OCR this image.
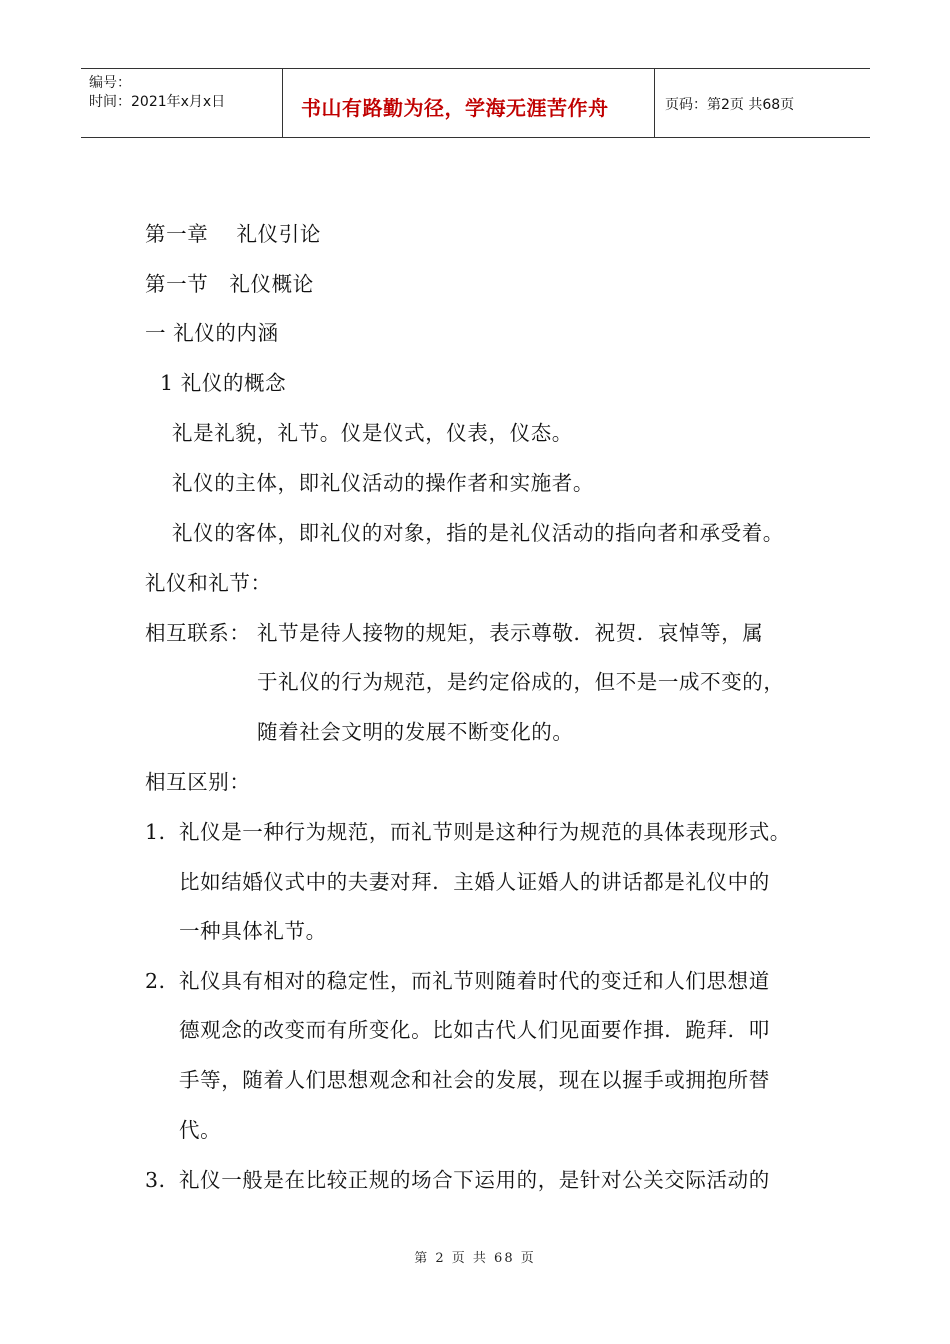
编号：
时间：2021年x月x日	书山有路勤为径，学海无涯苦作舟	页码：第2页 共68页
第一章　 礼仪引论
第一节　礼仪概论
一 礼仪的内涵
1 礼仪的概念
礼是礼貌，礼节。仪是仪式，仪表，仪态。
礼仪的主体，即礼仪活动的操作者和实施者。
礼仪的客体，即礼仪的对象，指的是礼仪活动的指向者和承受着。
礼仪和礼节：
相互联系： 礼节是待人接物的规矩，表示尊敬．祝贺．哀悼等，属
于礼仪的行为规范，是约定俗成的，但不是一成不变的，
随着社会文明的发展不断变化的。
相互区别：
1． 礼仪是一种行为规范，而礼节则是这种行为规范的具体表现形式。
比如结婚仪式中的夫妻对拜．主婚人证婚人的讲话都是礼仪中的
一种具体礼节。
2． 礼仪具有相对的稳定性，而礼节则随着时代的变迁和人们思想道
德观念的改变而有所变化。比如古代人们见面要作揖．跪拜．叩
手等，随着人们思想观念和社会的发展，现在以握手或拥抱所替
代。
3． 礼仪一般是在比较正规的场合下运用的，是针对公关交际活动的
第 2 页 共 68 页
